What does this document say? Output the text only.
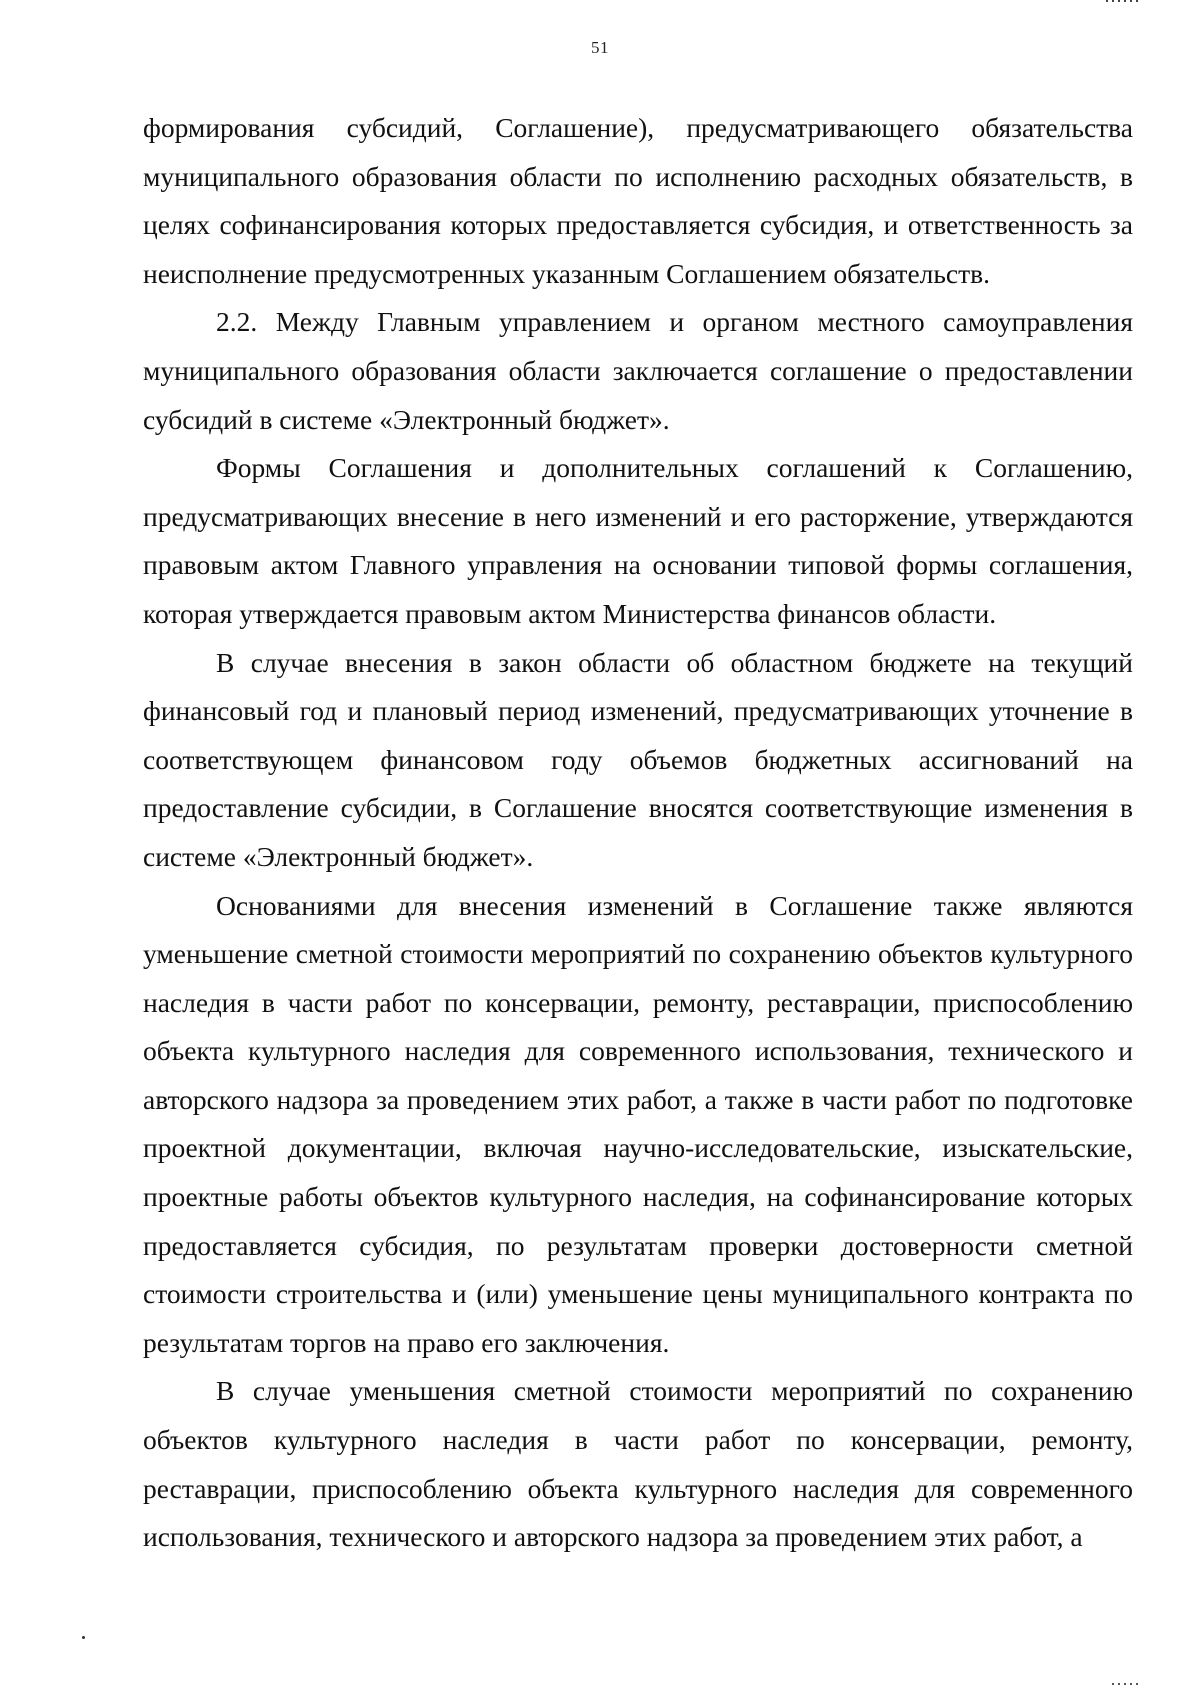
51

формирования субсидий, Соглашение), предусматривающего обязательства муниципального образования области по исполнению расходных обязательств, в целях софинансирования которых предоставляется субсидия, и ответственность за неисполнение предусмотренных указанным Соглашением обязательств.

2.2. Между Главным управлением и органом местного самоуправления муниципального образования области заключается соглашение о предоставлении субсидий в системе «Электронный бюджет».

Формы Соглашения и дополнительных соглашений к Соглашению, предусматривающих внесение в него изменений и его расторжение, утверждаются правовым актом Главного управления на основании типовой формы соглашения, которая утверждается правовым актом Министерства финансов области.

В случае внесения в закон области об областном бюджете на текущий финансовый год и плановый период изменений, предусматривающих уточнение в соответствующем финансовом году объемов бюджетных ассигнований на предоставление субсидии, в Соглашение вносятся соответствующие изменения в системе «Электронный бюджет».

Основаниями для внесения изменений в Соглашение также являются уменьшение сметной стоимости мероприятий по сохранению объектов культурного наследия в части работ по консервации, ремонту, реставрации, приспособлению объекта культурного наследия для современного использования, технического и авторского надзора за проведением этих работ, а также в части работ по подготовке проектной документации, включая научно-исследовательские, изыскательские, проектные работы объектов культурного наследия, на софинансирование которых предоставляется субсидия, по результатам проверки достоверности сметной стоимости строительства и (или) уменьшение цены муниципального контракта по результатам торгов на право его заключения.

В случае уменьшения сметной стоимости мероприятий по сохранению объектов культурного наследия в части работ по консервации, ремонту, реставрации, приспособлению объекта культурного наследия для современного использования, технического и авторского надзора за проведением этих работ, а
